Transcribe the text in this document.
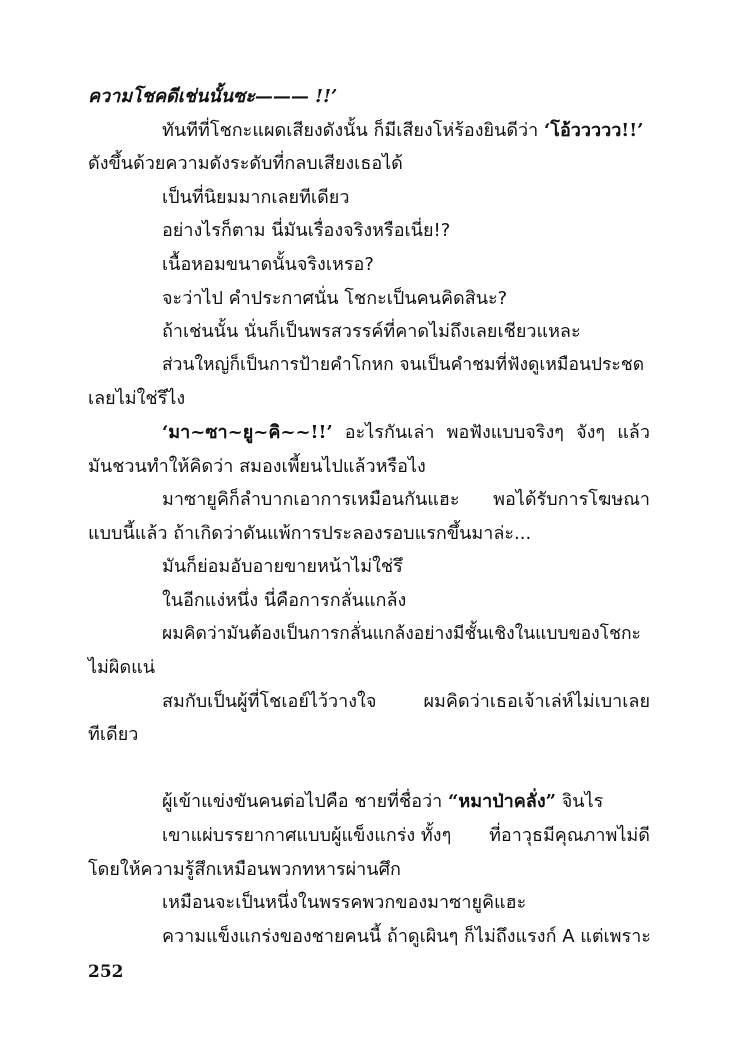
ความโชคดีเช่นนั้นซะ——— !!’
ทันทีที่โชกะแผดเสียงดังนั้น ก็มีเสียงโห่ร้องยินดีว่า ‘โอ้ววววว!!’
ดังขึ้นด้วยความดังระดับที่กลบเสียงเธอได้
เป็นที่นิยมมากเลยทีเดียว
อย่างไรก็ตาม นี่มันเรื่องจริงหรือเนี่ย!?
เนื้อหอมขนาดนั้นจริงเหรอ?
จะว่าไป คำประกาศนั่น โชกะเป็นคนคิดสินะ?
ถ้าเช่นนั้น นั่นก็เป็นพรสวรรค์ที่คาดไม่ถึงเลยเชียวแหละ
ส่วนใหญ่ก็เป็นการป้ายคำโกหก จนเป็นคำชมที่ฟังดูเหมือนประชด
เลยไม่ใช่รึไง
‘มา~ซา~ยู~คิ~~!!’ อะไรกันเล่า พอฟังแบบจริงๆ จังๆ แล้ว
มันชวนทำให้คิดว่า สมองเพี้ยนไปแล้วหรือไง
มาซายูคิก็ลำบากเอาการเหมือนกันแฮะ พอได้รับการโฆษณา
แบบนี้แล้ว ถ้าเกิดว่าดันแพ้การประลองรอบแรกขึ้นมาล่ะ...
มันก็ย่อมอับอายขายหน้าไม่ใช่รึ
ในอีกแง่หนึ่ง นี่คือการกลั่นแกล้ง
ผมคิดว่ามันต้องเป็นการกลั่นแกล้งอย่างมีชั้นเชิงในแบบของโชกะ
ไม่ผิดแน่
สมกับเป็นผู้ที่โชเอย์ไว้วางใจ	ผมคิดว่าเธอเจ้าเล่ห์ไม่เบาเลย
ทีเดียว
ผู้เข้าแข่งขันคนต่อไปคือ ชายที่ชื่อว่า “หมาป่าคลั่ง” จินไร
เขาแผ่บรรยากาศแบบผู้แข็งแกร่ง ทั้งๆ ที่อาวุธมีคุณภาพไม่ดี
โดยให้ความรู้สึกเหมือนพวกทหารผ่านศึก
เหมือนจะเป็นหนึ่งในพรรคพวกของมาซายูคิแฮะ
ความแข็งแกร่งของชายคนนี้ ถ้าดูเผินๆ ก็ไม่ถึงแรงก์ A แต่เพราะ
252
